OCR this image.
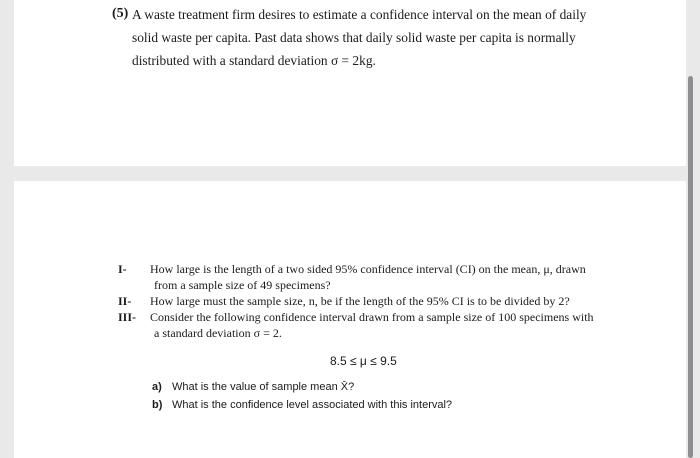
(5) A waste treatment firm desires to estimate a confidence interval on the mean of daily
solid waste per capita. Past data shows that daily solid waste per capita is normally
distributed with a standard deviation σ = 2kg.
I- How large is the length of a two sided 95% confidence interval (CI) on the mean, μ, drawn
from a sample size of 49 specimens?
II- How large must the sample size, n, be if the length of the 95% CI is to be divided by 2?
III- Consider the following confidence interval drawn from a sample size of 100 specimens with
a standard deviation σ = 2.
8.5 ≤ μ ≤ 9.5
a) What is the value of sample mean X̄?
b) What is the confidence level associated with this interval?
